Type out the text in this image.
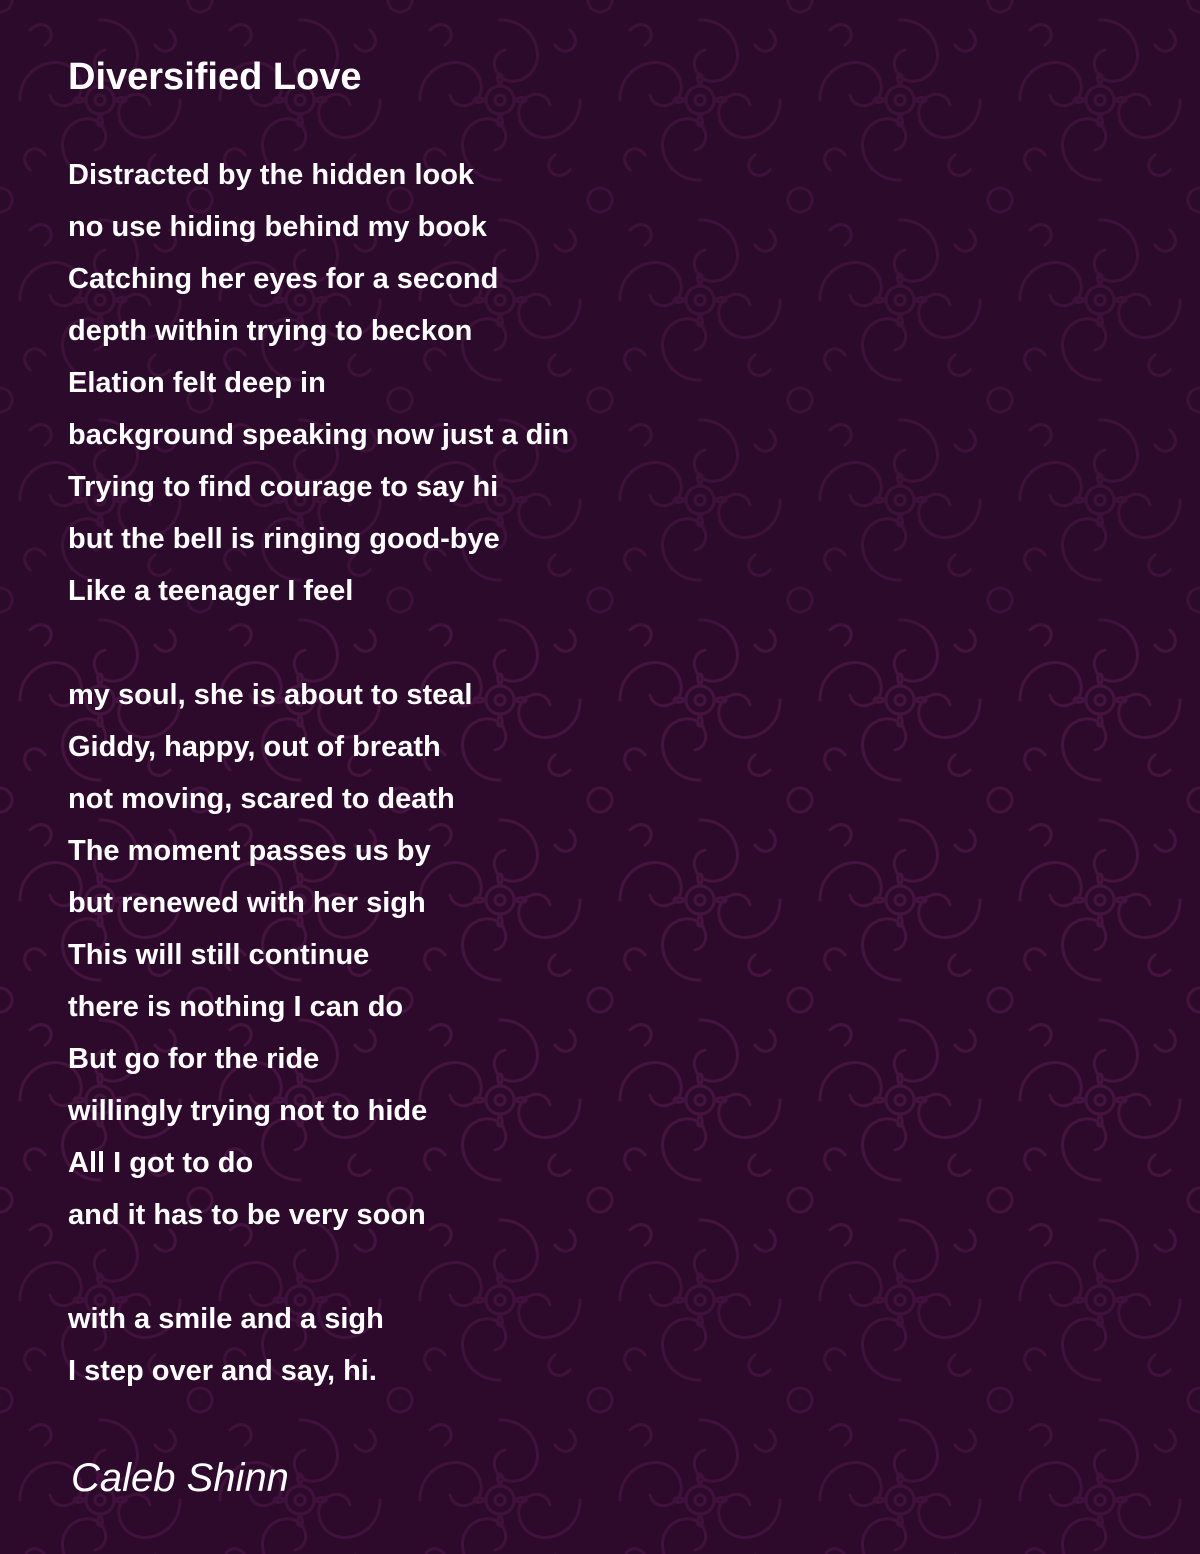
Diversified Love
Distracted by the hidden look
no use hiding behind my book
Catching her eyes for a second
depth within trying to beckon
Elation felt deep in
background speaking now just a din
Trying to find courage to say hi
but the bell is ringing good-bye
Like a teenager I feel
my soul, she is about to steal
Giddy, happy, out of breath
not moving, scared to death
The moment passes us by
but renewed with her sigh
This will still continue
there is nothing I can do
But go for the ride
willingly trying not to hide
All I got to do
and it has to be very soon
with a smile and a sigh
I step over and say, hi.
Caleb Shinn
